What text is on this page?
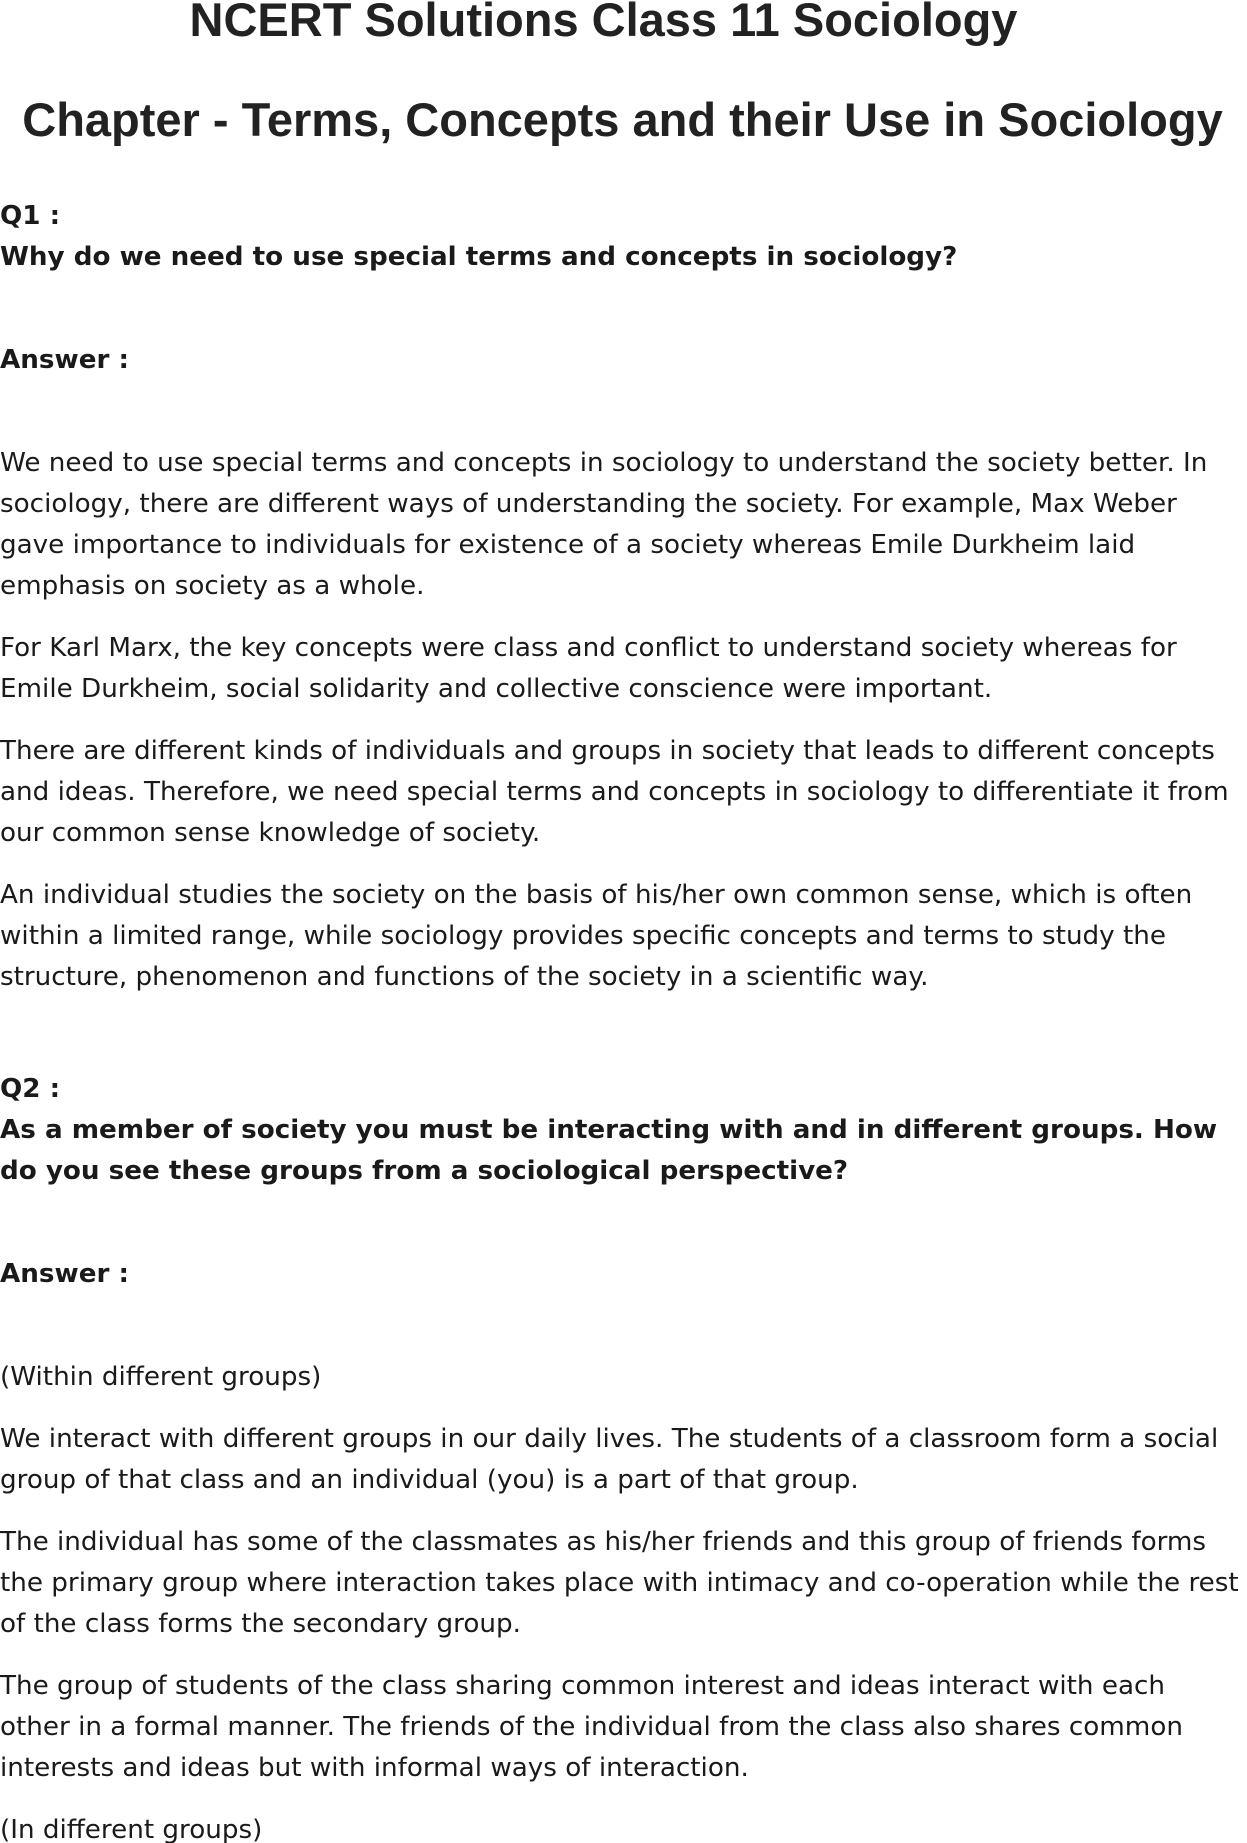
NCERT Solutions Class 11 Sociology
Chapter - Terms, Concepts and their Use in Sociology

Q1 :

Why do we need to use special terms and concepts in sociology?

Answer :

We need to use special terms and concepts in sociology to understand the society better. In sociology, there are different ways of understanding the society. For example, Max Weber gave importance to individuals for existence of a society whereas Emile Durkheim laid emphasis on society as a whole.

For Karl Marx, the key concepts were class and conflict to understand society whereas for Emile Durkheim, social solidarity and collective conscience were important.

There are different kinds of individuals and groups in society that leads to different concepts and ideas. Therefore, we need special terms and concepts in sociology to differentiate it from our common sense knowledge of society.

An individual studies the society on the basis of his/her own common sense, which is often within a limited range, while sociology provides specific concepts and terms to study the structure, phenomenon and functions of the society in a scientific way.

Q2 :

As a member of society you must be interacting with and in different groups. How do you see these groups from a sociological perspective?

Answer :

(Within different groups)

We interact with different groups in our daily lives. The students of a classroom form a social group of that class and an individual (you) is a part of that group.

The individual has some of the classmates as his/her friends and this group of friends forms the primary group where interaction takes place with intimacy and co-operation while the rest of the class forms the secondary group.

The group of students of the class sharing common interest and ideas interact with each other in a formal manner. The friends of the individual from the class also shares common interests and ideas but with informal ways of interaction.

(In different groups)
